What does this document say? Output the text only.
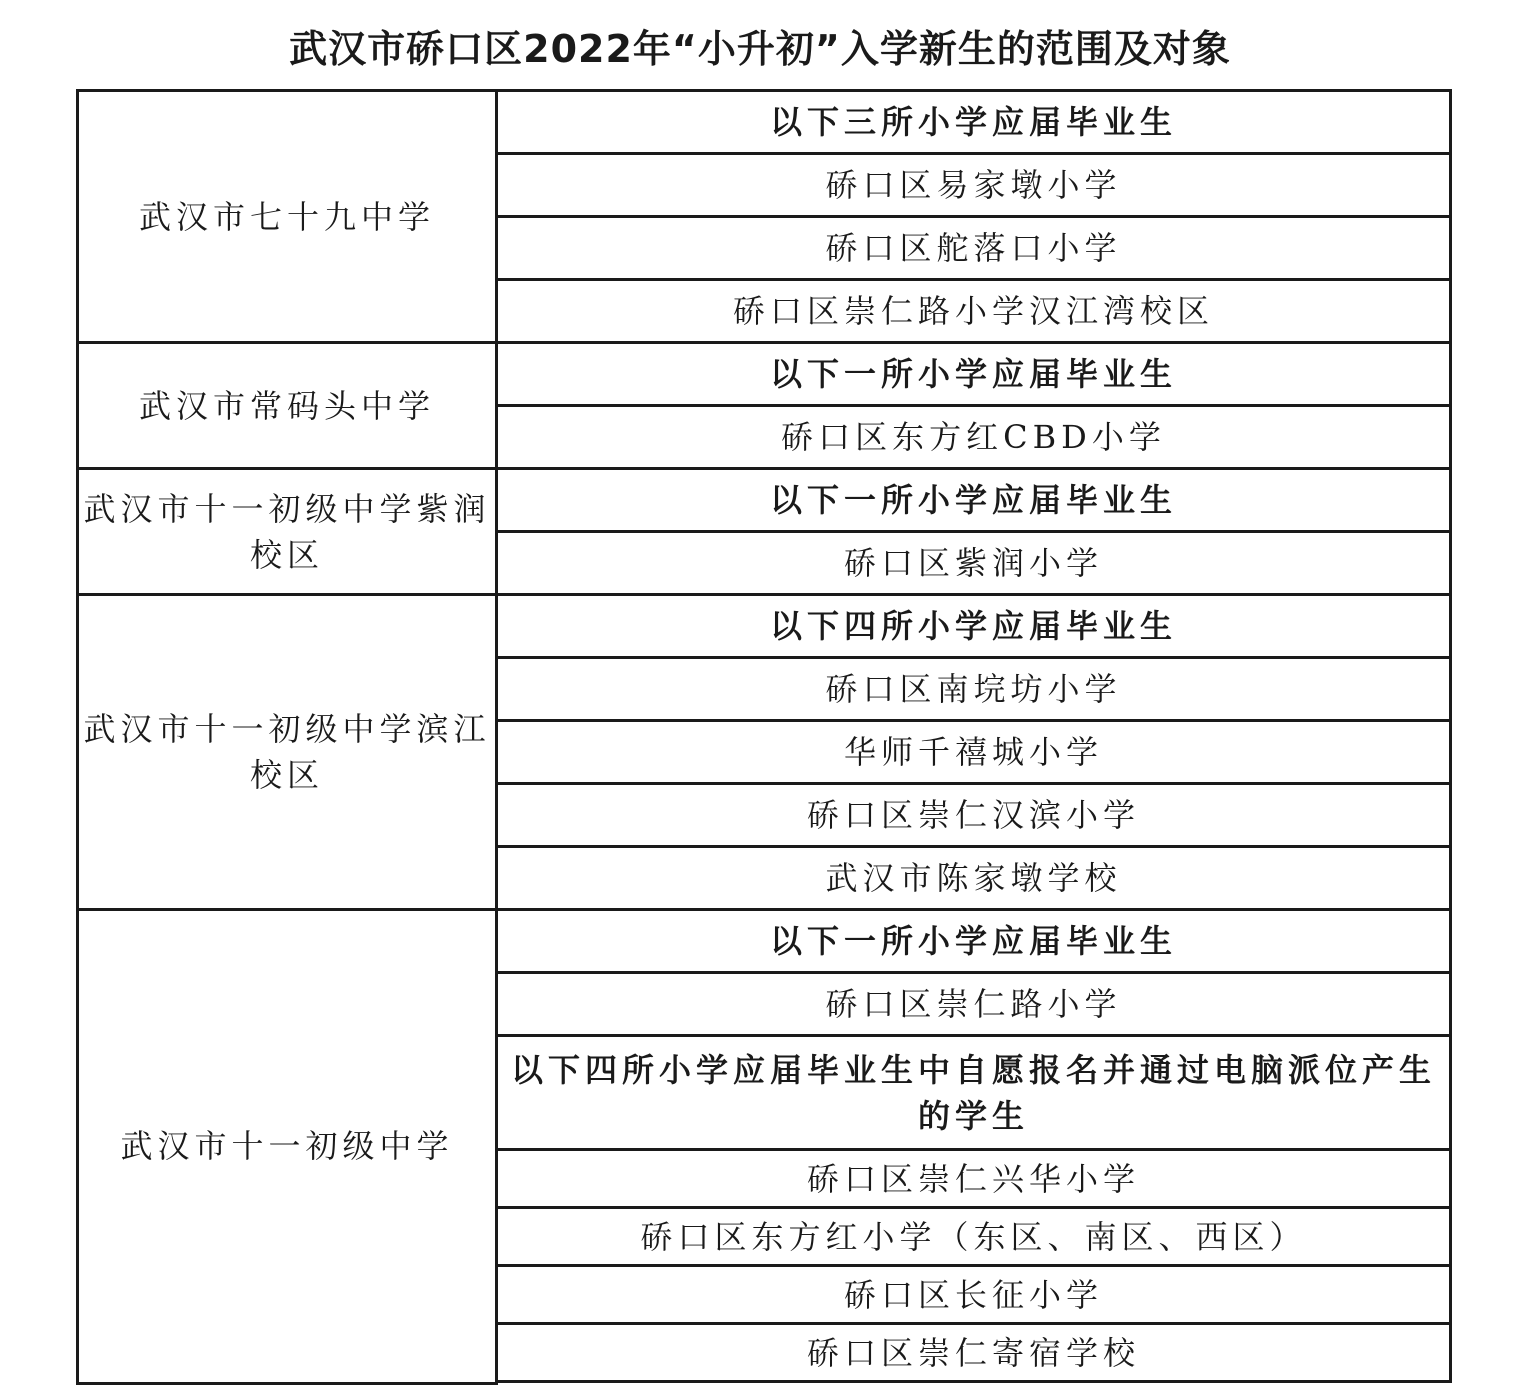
武汉市硚口区2022年“小升初”入学新生的范围及对象
武汉市七十九中学	以下三所小学应届毕业生
	硚口区易家墩小学
	硚口区舵落口小学
	硚口区崇仁路小学汉江湾校区
武汉市常码头中学	以下一所小学应届毕业生
	硚口区东方红CBD小学
武汉市十一初级中学紫润校区	以下一所小学应届毕业生
	硚口区紫润小学
武汉市十一初级中学滨江校区	以下四所小学应届毕业生
	硚口区南垸坊小学
	华师千禧城小学
	硚口区崇仁汉滨小学
	武汉市陈家墩学校
武汉市十一初级中学	以下一所小学应届毕业生
	硚口区崇仁路小学
	以下四所小学应届毕业生中自愿报名并通过电脑派位产生的学生
	硚口区崇仁兴华小学
	硚口区东方红小学（东区、南区、西区）
	硚口区长征小学
	硚口区崇仁寄宿学校
